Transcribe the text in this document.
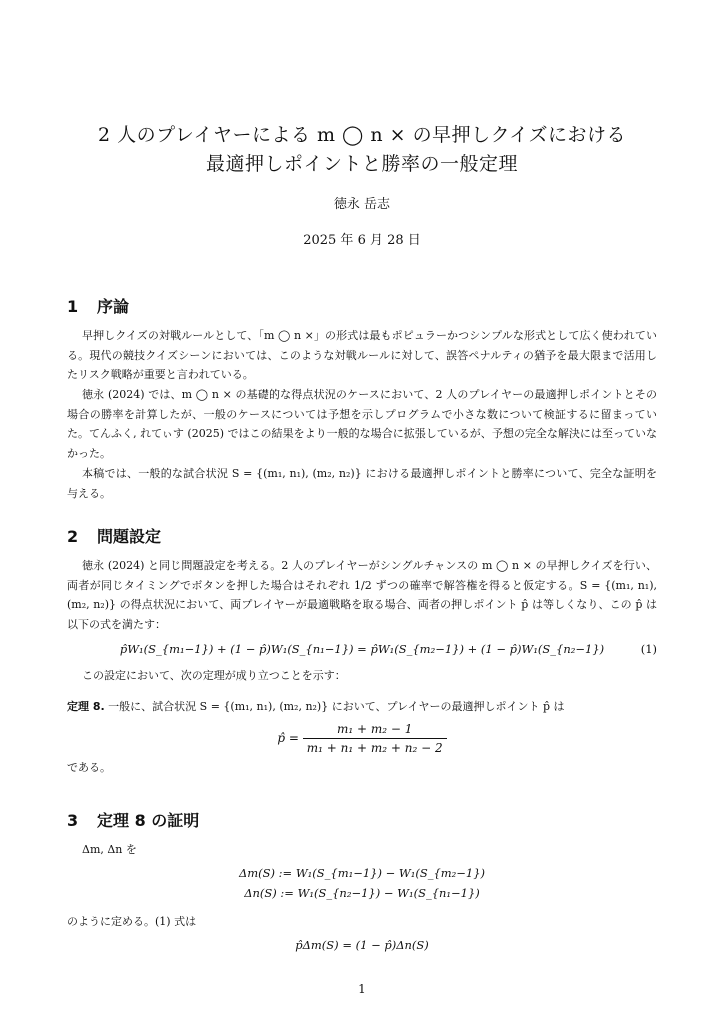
2 人のプレイヤーによる m ◯ n × の早押しクイズにおける
最適押しポイントと勝率の一般定理
徳永 岳志
2025 年 6 月 28 日
1 序論

早押しクイズの対戦ルールとして、「m ◯ n ×」の形式は最もポピュラーかつシンプルな形式として広く使われている。現代の競技クイズシーンにおいては、このような対戦ルールに対して、誤答ペナルティの猶予を最大限まで活用したリスク戦略が重要と言われている。

徳永 (2024) では、m ◯ n × の基礎的な得点状況のケースにおいて、2 人のプレイヤーの最適押しポイントとその場合の勝率を計算したが、一般のケースについては予想を示しプログラムで小さな数について検証するに留まっていた。てんふく, れてぃす (2025) ではこの結果をより一般的な場合に拡張しているが、予想の完全な解決には至っていなかった。

本稿では、一般的な試合状況 S = {(m₁, n₁), (m₂, n₂)} における最適押しポイントと勝率について、完全な証明を与える。

2 問題設定

徳永 (2024) と同じ問題設定を考える。2 人のプレイヤーがシングルチャンスの m ◯ n × の早押しクイズを行い、両者が同じタイミングでボタンを押した場合はそれぞれ 1/2 ずつの確率で解答権を得ると仮定する。S = {(m₁, n₁), (m₂, n₂)} の得点状況において、両プレイヤーが最適戦略を取る場合、両者の押しポイント p̂ は等しくなり、この p̂ は以下の式を満たす：

p̂W₁(S_{m₁−1}) + (1 − p̂)W₁(S_{n₁−1}) = p̂W₁(S_{m₂−1}) + (1 − p̂)W₁(S_{n₂−1})	(1)

この設定において、次の定理が成り立つことを示す：

定理 8. 一般に、試合状況 S = {(m₁, n₁), (m₂, n₂)} において、プレイヤーの最適押しポイント p̂ は

p̂ = $\frac{\text{m₁ + m₂ − 1}}{\text{m₁ + n₁ + m₂ + n₂ − 2}}$

である。

3 定理 8 の証明

Δm, Δn を

Δm(S) := W₁(S_{m₁−1}) − W₁(S_{m₂−1})
Δn(S) := W₁(S_{n₂−1}) − W₁(S_{n₁−1})

のように定める。(1) 式は

p̂Δm(S) = (1 − p̂)Δn(S)
1
